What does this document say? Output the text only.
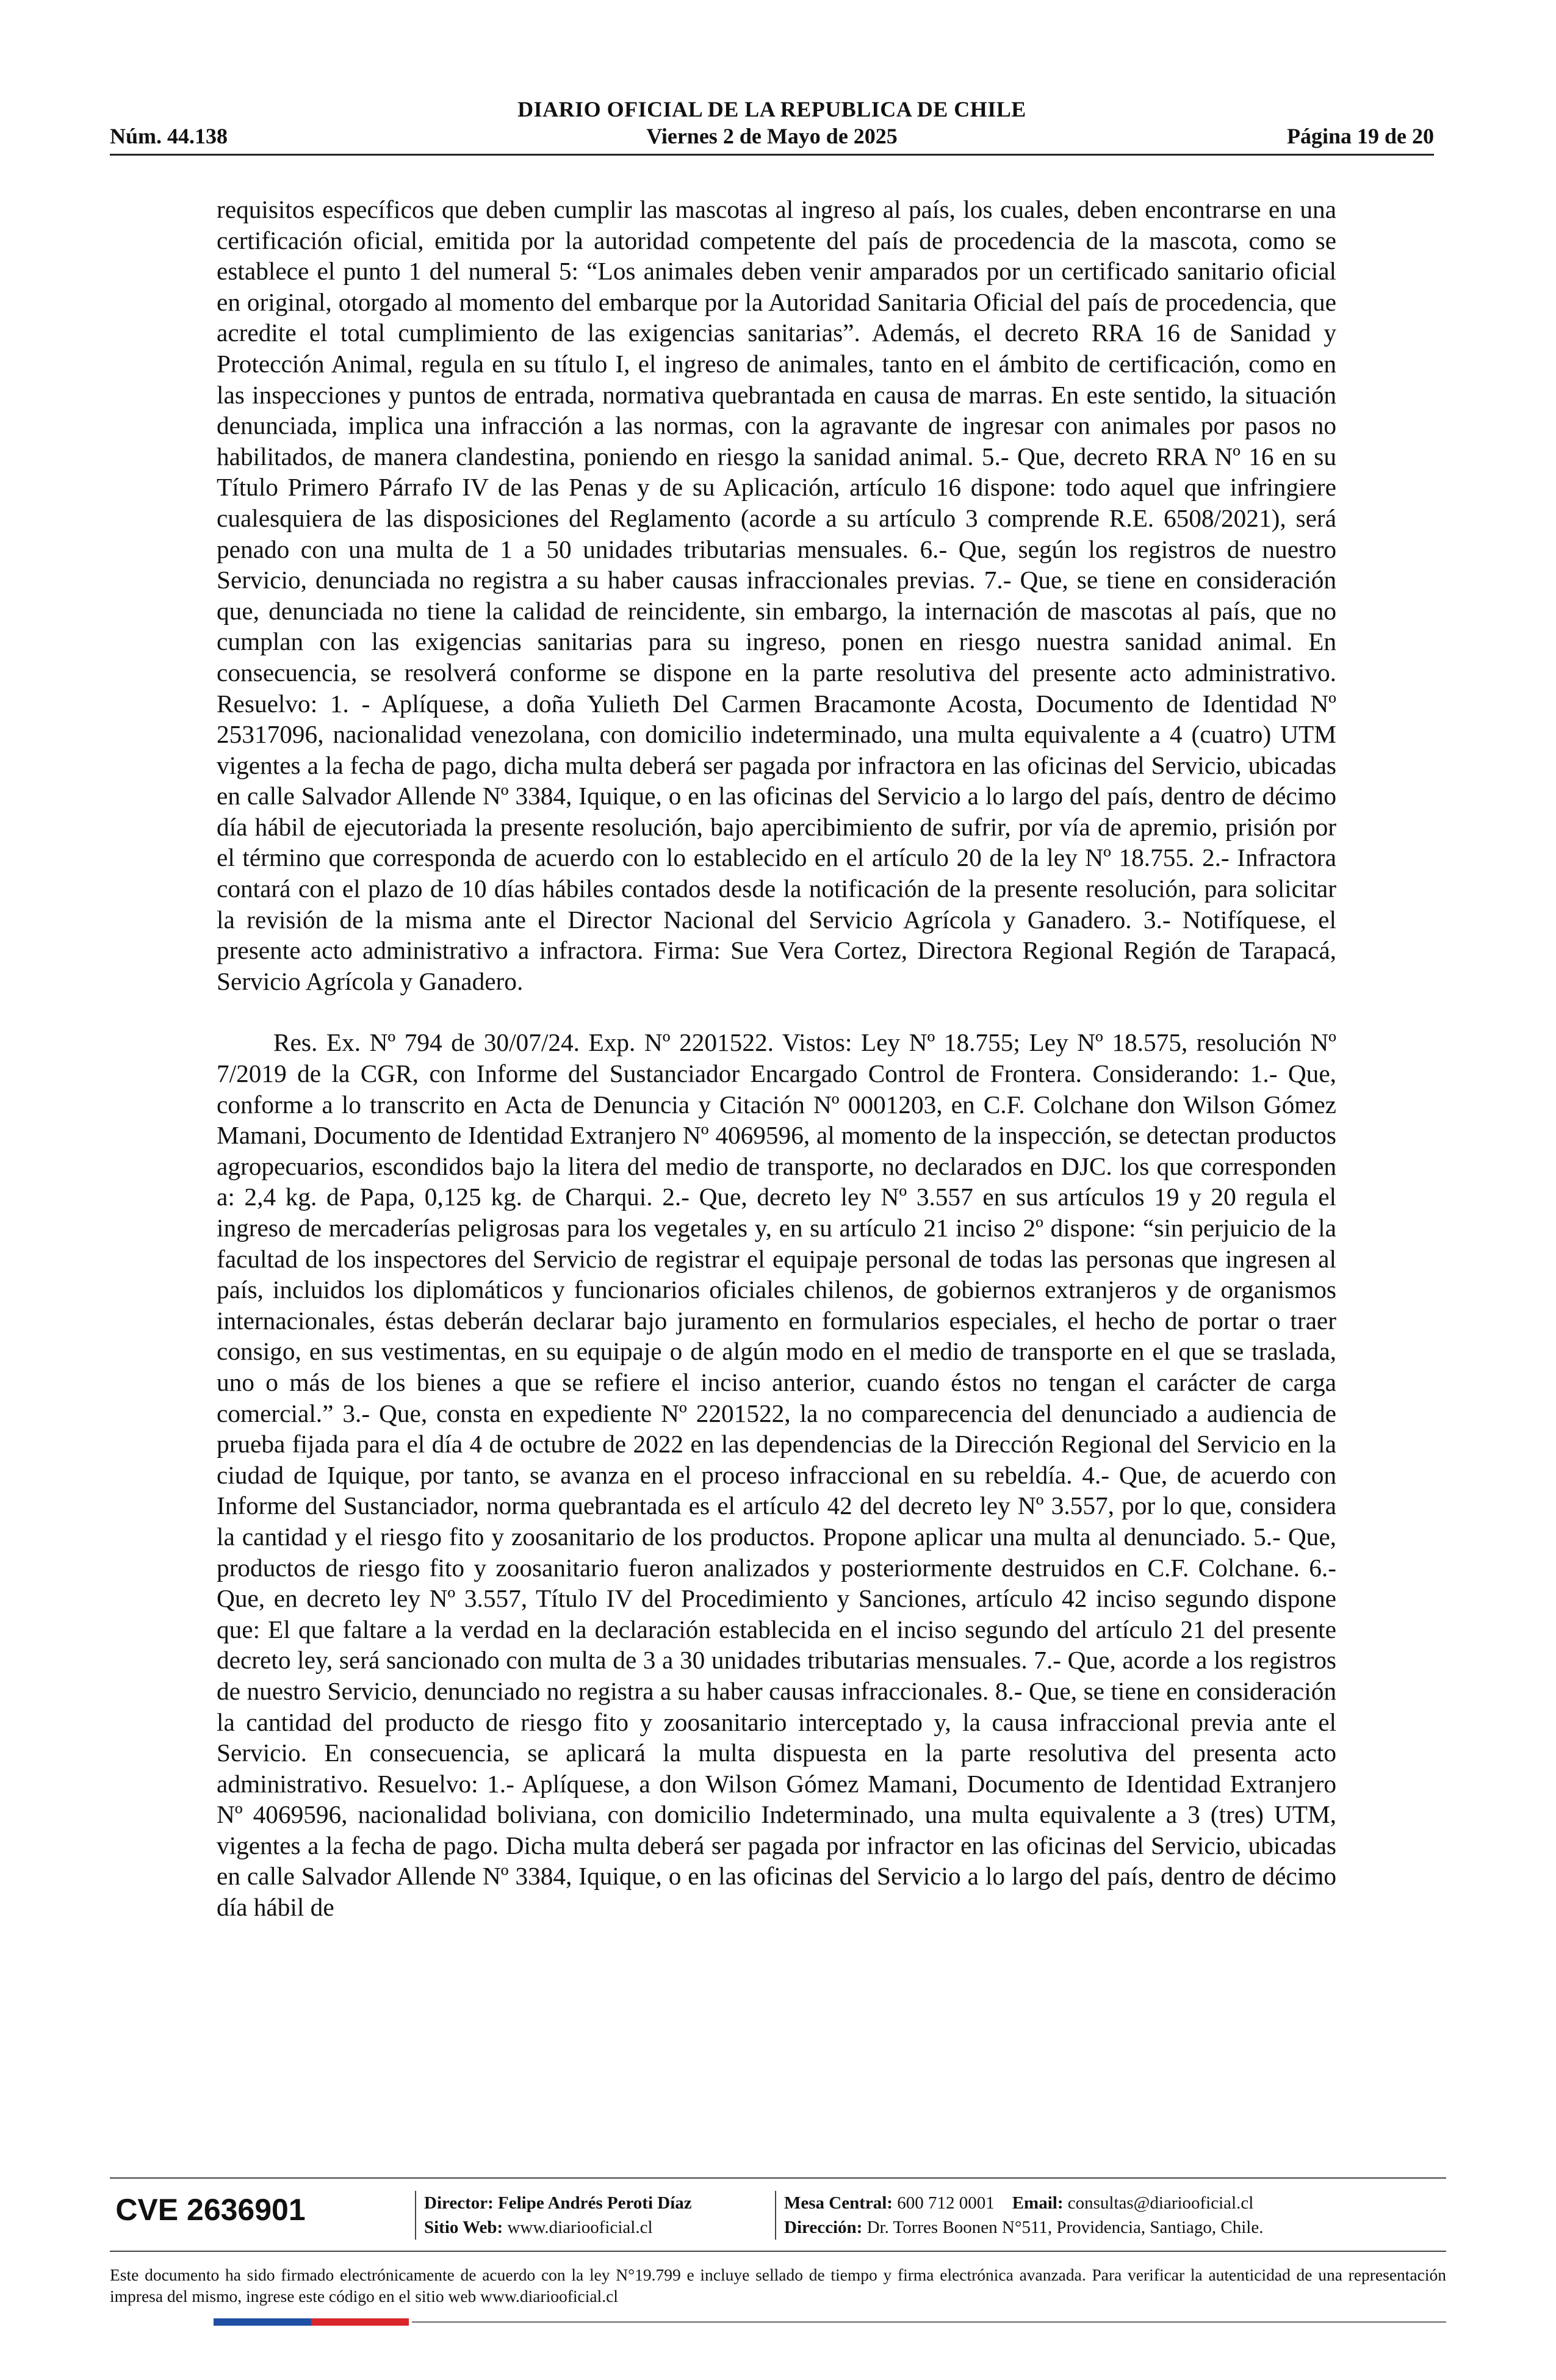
DIARIO OFICIAL DE LA REPUBLICA DE CHILE
Núm. 44.138	Viernes 2 de Mayo de 2025	Página 19 de 20

requisitos específicos que deben cumplir las mascotas al ingreso al país, los cuales, deben encontrarse en una certificación oficial, emitida por la autoridad competente del país de procedencia de la mascota, como se establece el punto 1 del numeral 5: “Los animales deben venir amparados por un certificado sanitario oficial en original, otorgado al momento del embarque por la Autoridad Sanitaria Oficial del país de procedencia, que acredite el total cumplimiento de las exigencias sanitarias”. Además, el decreto RRA 16 de Sanidad y Protección Animal, regula en su título I, el ingreso de animales, tanto en el ámbito de certificación, como en las inspecciones y puntos de entrada, normativa quebrantada en causa de marras. En este sentido, la situación denunciada, implica una infracción a las normas, con la agravante de ingresar con animales por pasos no habilitados, de manera clandestina, poniendo en riesgo la sanidad animal. 5.- Que, decreto RRA Nº 16 en su Título Primero Párrafo IV de las Penas y de su Aplicación, artículo 16 dispone: todo aquel que infringiere cualesquiera de las disposiciones del Reglamento (acorde a su artículo 3 comprende R.E. 6508/2021), será penado con una multa de 1 a 50 unidades tributarias mensuales. 6.- Que, según los registros de nuestro Servicio, denunciada no registra a su haber causas infraccionales previas. 7.- Que, se tiene en consideración que, denunciada no tiene la calidad de reincidente, sin embargo, la internación de mascotas al país, que no cumplan con las exigencias sanitarias para su ingreso, ponen en riesgo nuestra sanidad animal. En consecuencia, se resolverá conforme se dispone en la parte resolutiva del presente acto administrativo. Resuelvo: 1. - Aplíquese, a doña Yulieth Del Carmen Bracamonte Acosta, Documento de Identidad Nº 25317096, nacionalidad venezolana, con domicilio indeterminado, una multa equivalente a 4 (cuatro) UTM vigentes a la fecha de pago, dicha multa deberá ser pagada por infractora en las oficinas del Servicio, ubicadas en calle Salvador Allende Nº 3384, Iquique, o en las oficinas del Servicio a lo largo del país, dentro de décimo día hábil de ejecutoriada la presente resolución, bajo apercibimiento de sufrir, por vía de apremio, prisión por el término que corresponda de acuerdo con lo establecido en el artículo 20 de la ley Nº 18.755. 2.- Infractora contará con el plazo de 10 días hábiles contados desde la notificación de la presente resolución, para solicitar la revisión de la misma ante el Director Nacional del Servicio Agrícola y Ganadero. 3.- Notifíquese, el presente acto administrativo a infractora. Firma: Sue Vera Cortez, Directora Regional Región de Tarapacá, Servicio Agrícola y Ganadero.

Res. Ex. Nº 794 de 30/07/24. Exp. Nº 2201522. Vistos: Ley Nº 18.755; Ley Nº 18.575, resolución Nº 7/2019 de la CGR, con Informe del Sustanciador Encargado Control de Frontera. Considerando: 1.- Que, conforme a lo transcrito en Acta de Denuncia y Citación Nº 0001203, en C.F. Colchane don Wilson Gómez Mamani, Documento de Identidad Extranjero Nº 4069596, al momento de la inspección, se detectan productos agropecuarios, escondidos bajo la litera del medio de transporte, no declarados en DJC. los que corresponden a: 2,4 kg. de Papa, 0,125 kg. de Charqui. 2.- Que, decreto ley Nº 3.557 en sus artículos 19 y 20 regula el ingreso de mercaderías peligrosas para los vegetales y, en su artículo 21 inciso 2º dispone: “sin perjuicio de la facultad de los inspectores del Servicio de registrar el equipaje personal de todas las personas que ingresen al país, incluidos los diplomáticos y funcionarios oficiales chilenos, de gobiernos extranjeros y de organismos internacionales, éstas deberán declarar bajo juramento en formularios especiales, el hecho de portar o traer consigo, en sus vestimentas, en su equipaje o de algún modo en el medio de transporte en el que se traslada, uno o más de los bienes a que se refiere el inciso anterior, cuando éstos no tengan el carácter de carga comercial.” 3.- Que, consta en expediente Nº 2201522, la no comparecencia del denunciado a audiencia de prueba fijada para el día 4 de octubre de 2022 en las dependencias de la Dirección Regional del Servicio en la ciudad de Iquique, por tanto, se avanza en el proceso infraccional en su rebeldía. 4.- Que, de acuerdo con Informe del Sustanciador, norma quebrantada es el artículo 42 del decreto ley Nº 3.557, por lo que, considera la cantidad y el riesgo fito y zoosanitario de los productos. Propone aplicar una multa al denunciado. 5.- Que, productos de riesgo fito y zoosanitario fueron analizados y posteriormente destruidos en C.F. Colchane. 6.- Que, en decreto ley Nº 3.557, Título IV del Procedimiento y Sanciones, artículo 42 inciso segundo dispone que: El que faltare a la verdad en la declaración establecida en el inciso segundo del artículo 21 del presente decreto ley, será sancionado con multa de 3 a 30 unidades tributarias mensuales. 7.- Que, acorde a los registros de nuestro Servicio, denunciado no registra a su haber causas infraccionales. 8.- Que, se tiene en consideración la cantidad del producto de riesgo fito y zoosanitario interceptado y, la causa infraccional previa ante el Servicio. En consecuencia, se aplicará la multa dispuesta en la parte resolutiva del presenta acto administrativo. Resuelvo: 1.- Aplíquese, a don Wilson Gómez Mamani, Documento de Identidad Extranjero Nº 4069596, nacionalidad boliviana, con domicilio Indeterminado, una multa equivalente a 3 (tres) UTM, vigentes a la fecha de pago. Dicha multa deberá ser pagada por infractor en las oficinas del Servicio, ubicadas en calle Salvador Allende Nº 3384, Iquique, o en las oficinas del Servicio a lo largo del país, dentro de décimo día hábil de

CVE 2636901	Director: Felipe Andrés Peroti Díaz
Sitio Web: www.diariooficial.cl
Mesa Central: 600 712 0001 Email: consultas@diariooficial.cl
Dirección: Dr. Torres Boonen N°511, Providencia, Santiago, Chile.
Este documento ha sido firmado electrónicamente de acuerdo con la ley N°19.799 e incluye sellado de tiempo y firma electrónica avanzada. Para verificar la autenticidad de una representación impresa del mismo, ingrese este código en el sitio web www.diariooficial.cl
